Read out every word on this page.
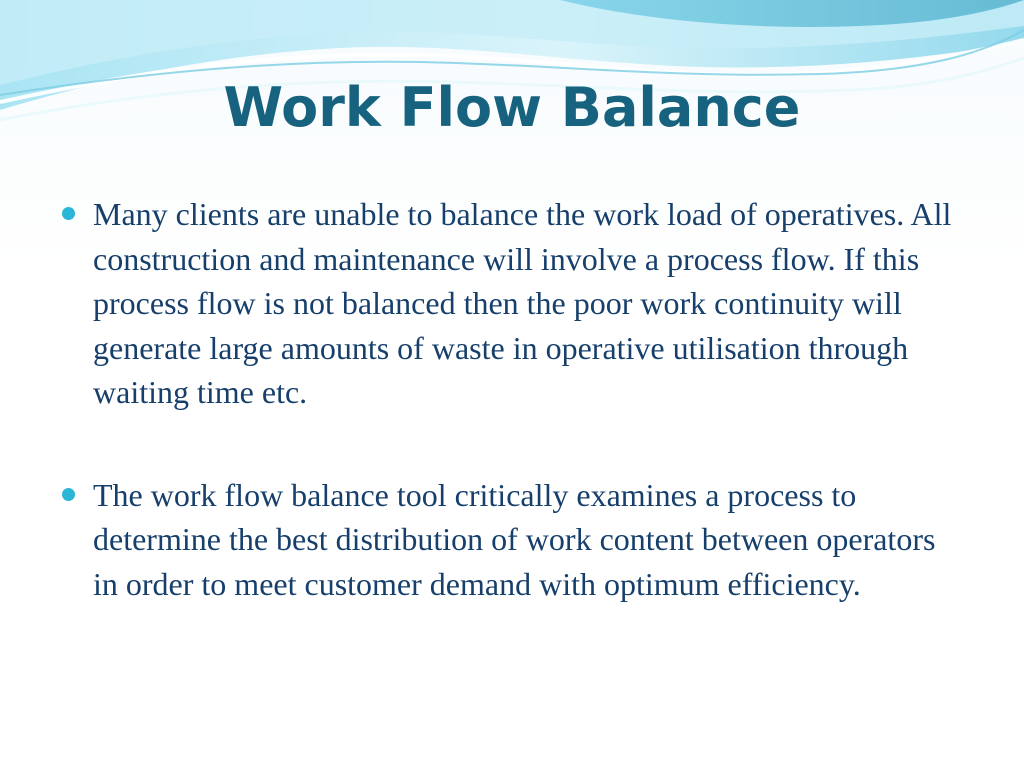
Work Flow Balance
Many clients are unable to balance the work load of operatives. All construction and maintenance will involve a process flow. If this process flow is not balanced then the poor work continuity will generate large amounts of waste in operative utilisation through waiting time etc.
The work flow balance tool critically examines a process to determine the best distribution of work content between operators in order to meet customer demand with optimum efficiency.
